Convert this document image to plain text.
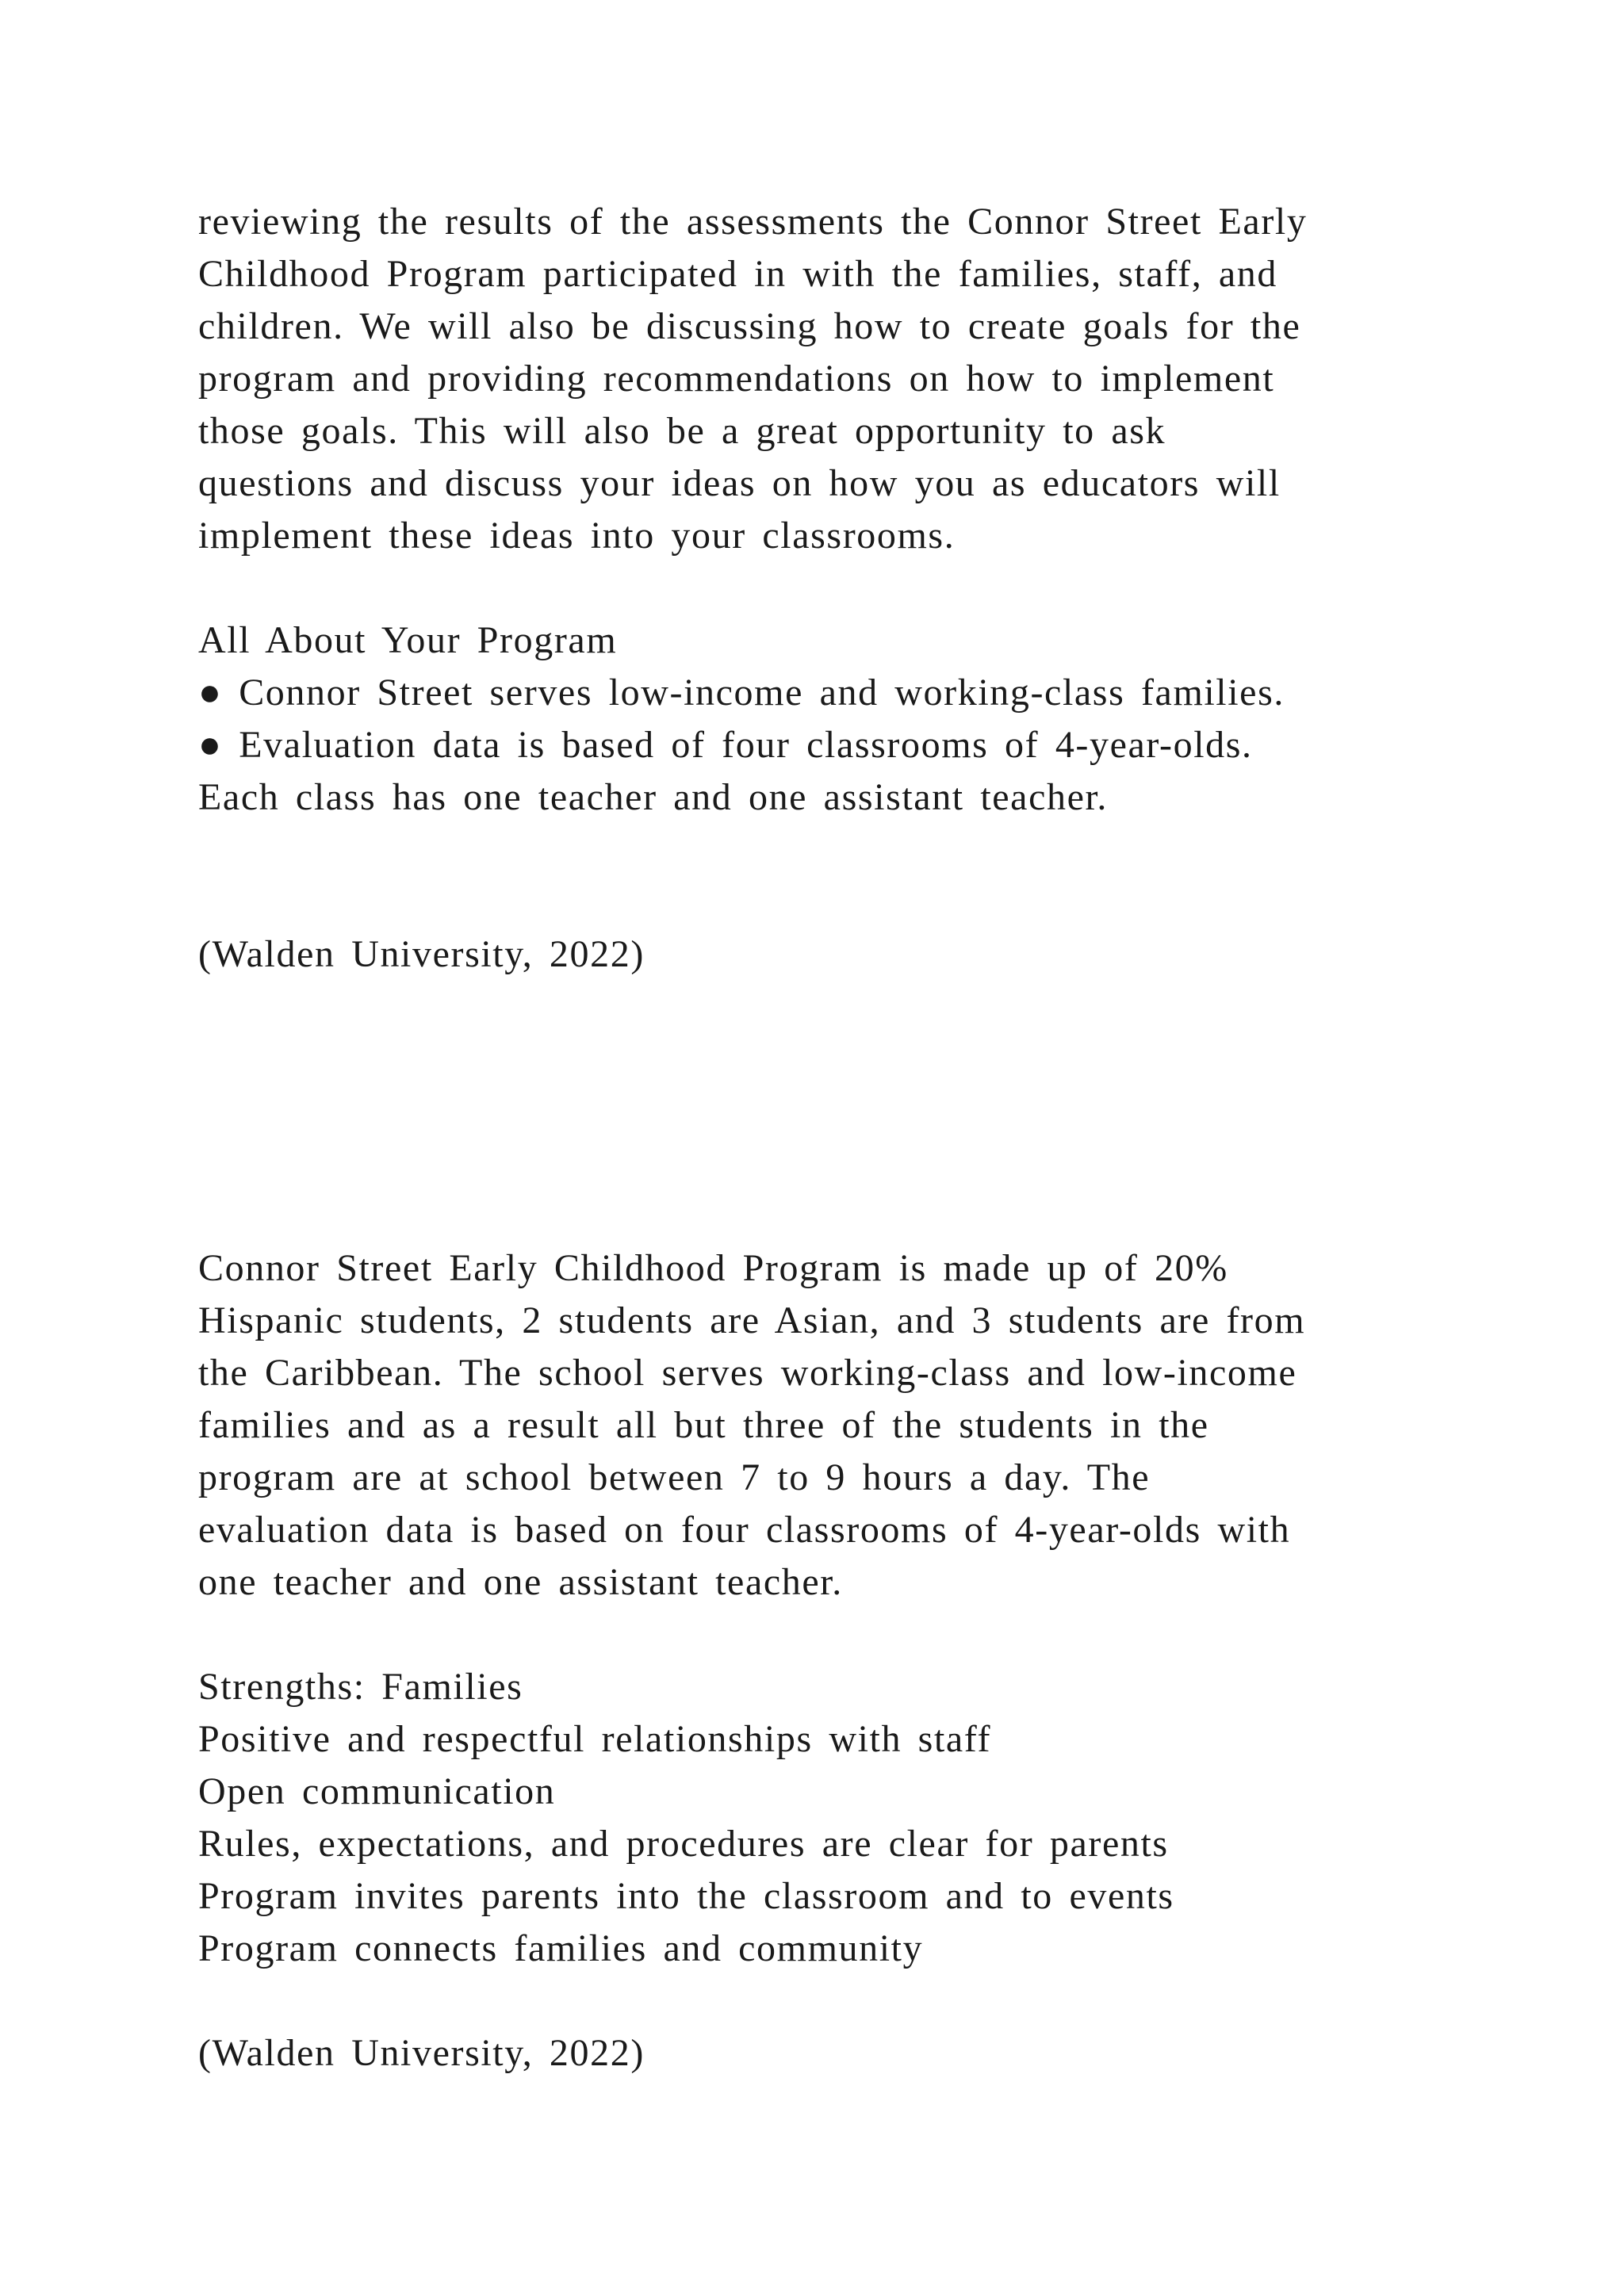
reviewing the results of the assessments the Connor Street Early

Childhood Program participated in with the families, staff, and

children. We will also be discussing how to create goals for the

program and providing recommendations on how to implement

those goals. This will also be a great opportunity to ask

questions and discuss your ideas on how you as educators will

implement these ideas into your classrooms.

All About Your Program

● Connor Street serves low-income and working-class families.

● Evaluation data is based of four classrooms of 4-year-olds.

Each class has one teacher and one assistant teacher.

(Walden University, 2022)

Connor Street Early Childhood Program is made up of 20%

Hispanic students, 2 students are Asian, and 3 students are from

the Caribbean. The school serves working-class and low-income

families and as a result all but three of the students in the

program are at school between 7 to 9 hours a day. The

evaluation data is based on four classrooms of 4-year-olds with

one teacher and one assistant teacher.

Strengths: Families

Positive and respectful relationships with staff

Open communication

Rules, expectations, and procedures are clear for parents

Program invites parents into the classroom and to events

Program connects families and community

(Walden University, 2022)
